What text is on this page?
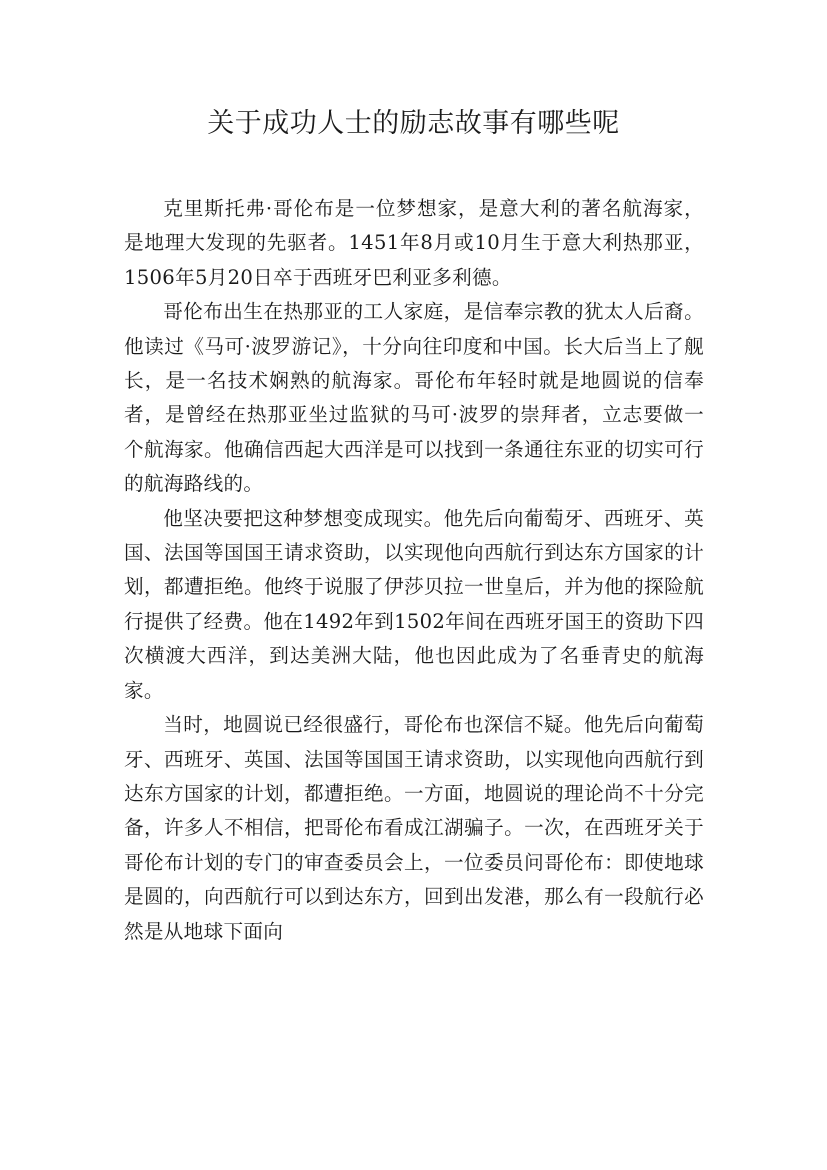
关于成功人士的励志故事有哪些呢

克里斯托弗·哥伦布是一位梦想家，是意大利的著名航海家，是地理大发现的先驱者。1451年8月或10月生于意大利热那亚，1506年5月20日卒于西班牙巴利亚多利德。

哥伦布出生在热那亚的工人家庭，是信奉宗教的犹太人后裔。他读过《马可·波罗游记》，十分向往印度和中国。长大后当上了舰长，是一名技术娴熟的航海家。哥伦布年轻时就是地圆说的信奉者，是曾经在热那亚坐过监狱的马可·波罗的崇拜者，立志要做一个航海家。他确信西起大西洋是可以找到一条通往东亚的切实可行的航海路线的。

他坚决要把这种梦想变成现实。他先后向葡萄牙、西班牙、英国、法国等国国王请求资助，以实现他向西航行到达东方国家的计划，都遭拒绝。他终于说服了伊莎贝拉一世皇后，并为他的探险航行提供了经费。他在1492年到1502年间在西班牙国王的资助下四次横渡大西洋，到达美洲大陆，他也因此成为了名垂青史的航海家。

当时，地圆说已经很盛行，哥伦布也深信不疑。他先后向葡萄牙、西班牙、英国、法国等国国王请求资助，以实现他向西航行到达东方国家的计划，都遭拒绝。一方面，地圆说的理论尚不十分完备，许多人不相信，把哥伦布看成江湖骗子。一次，在西班牙关于哥伦布计划的专门的审查委员会上，一位委员问哥伦布：即使地球是圆的，向西航行可以到达东方，回到出发港，那么有一段航行必然是从地球下面向
